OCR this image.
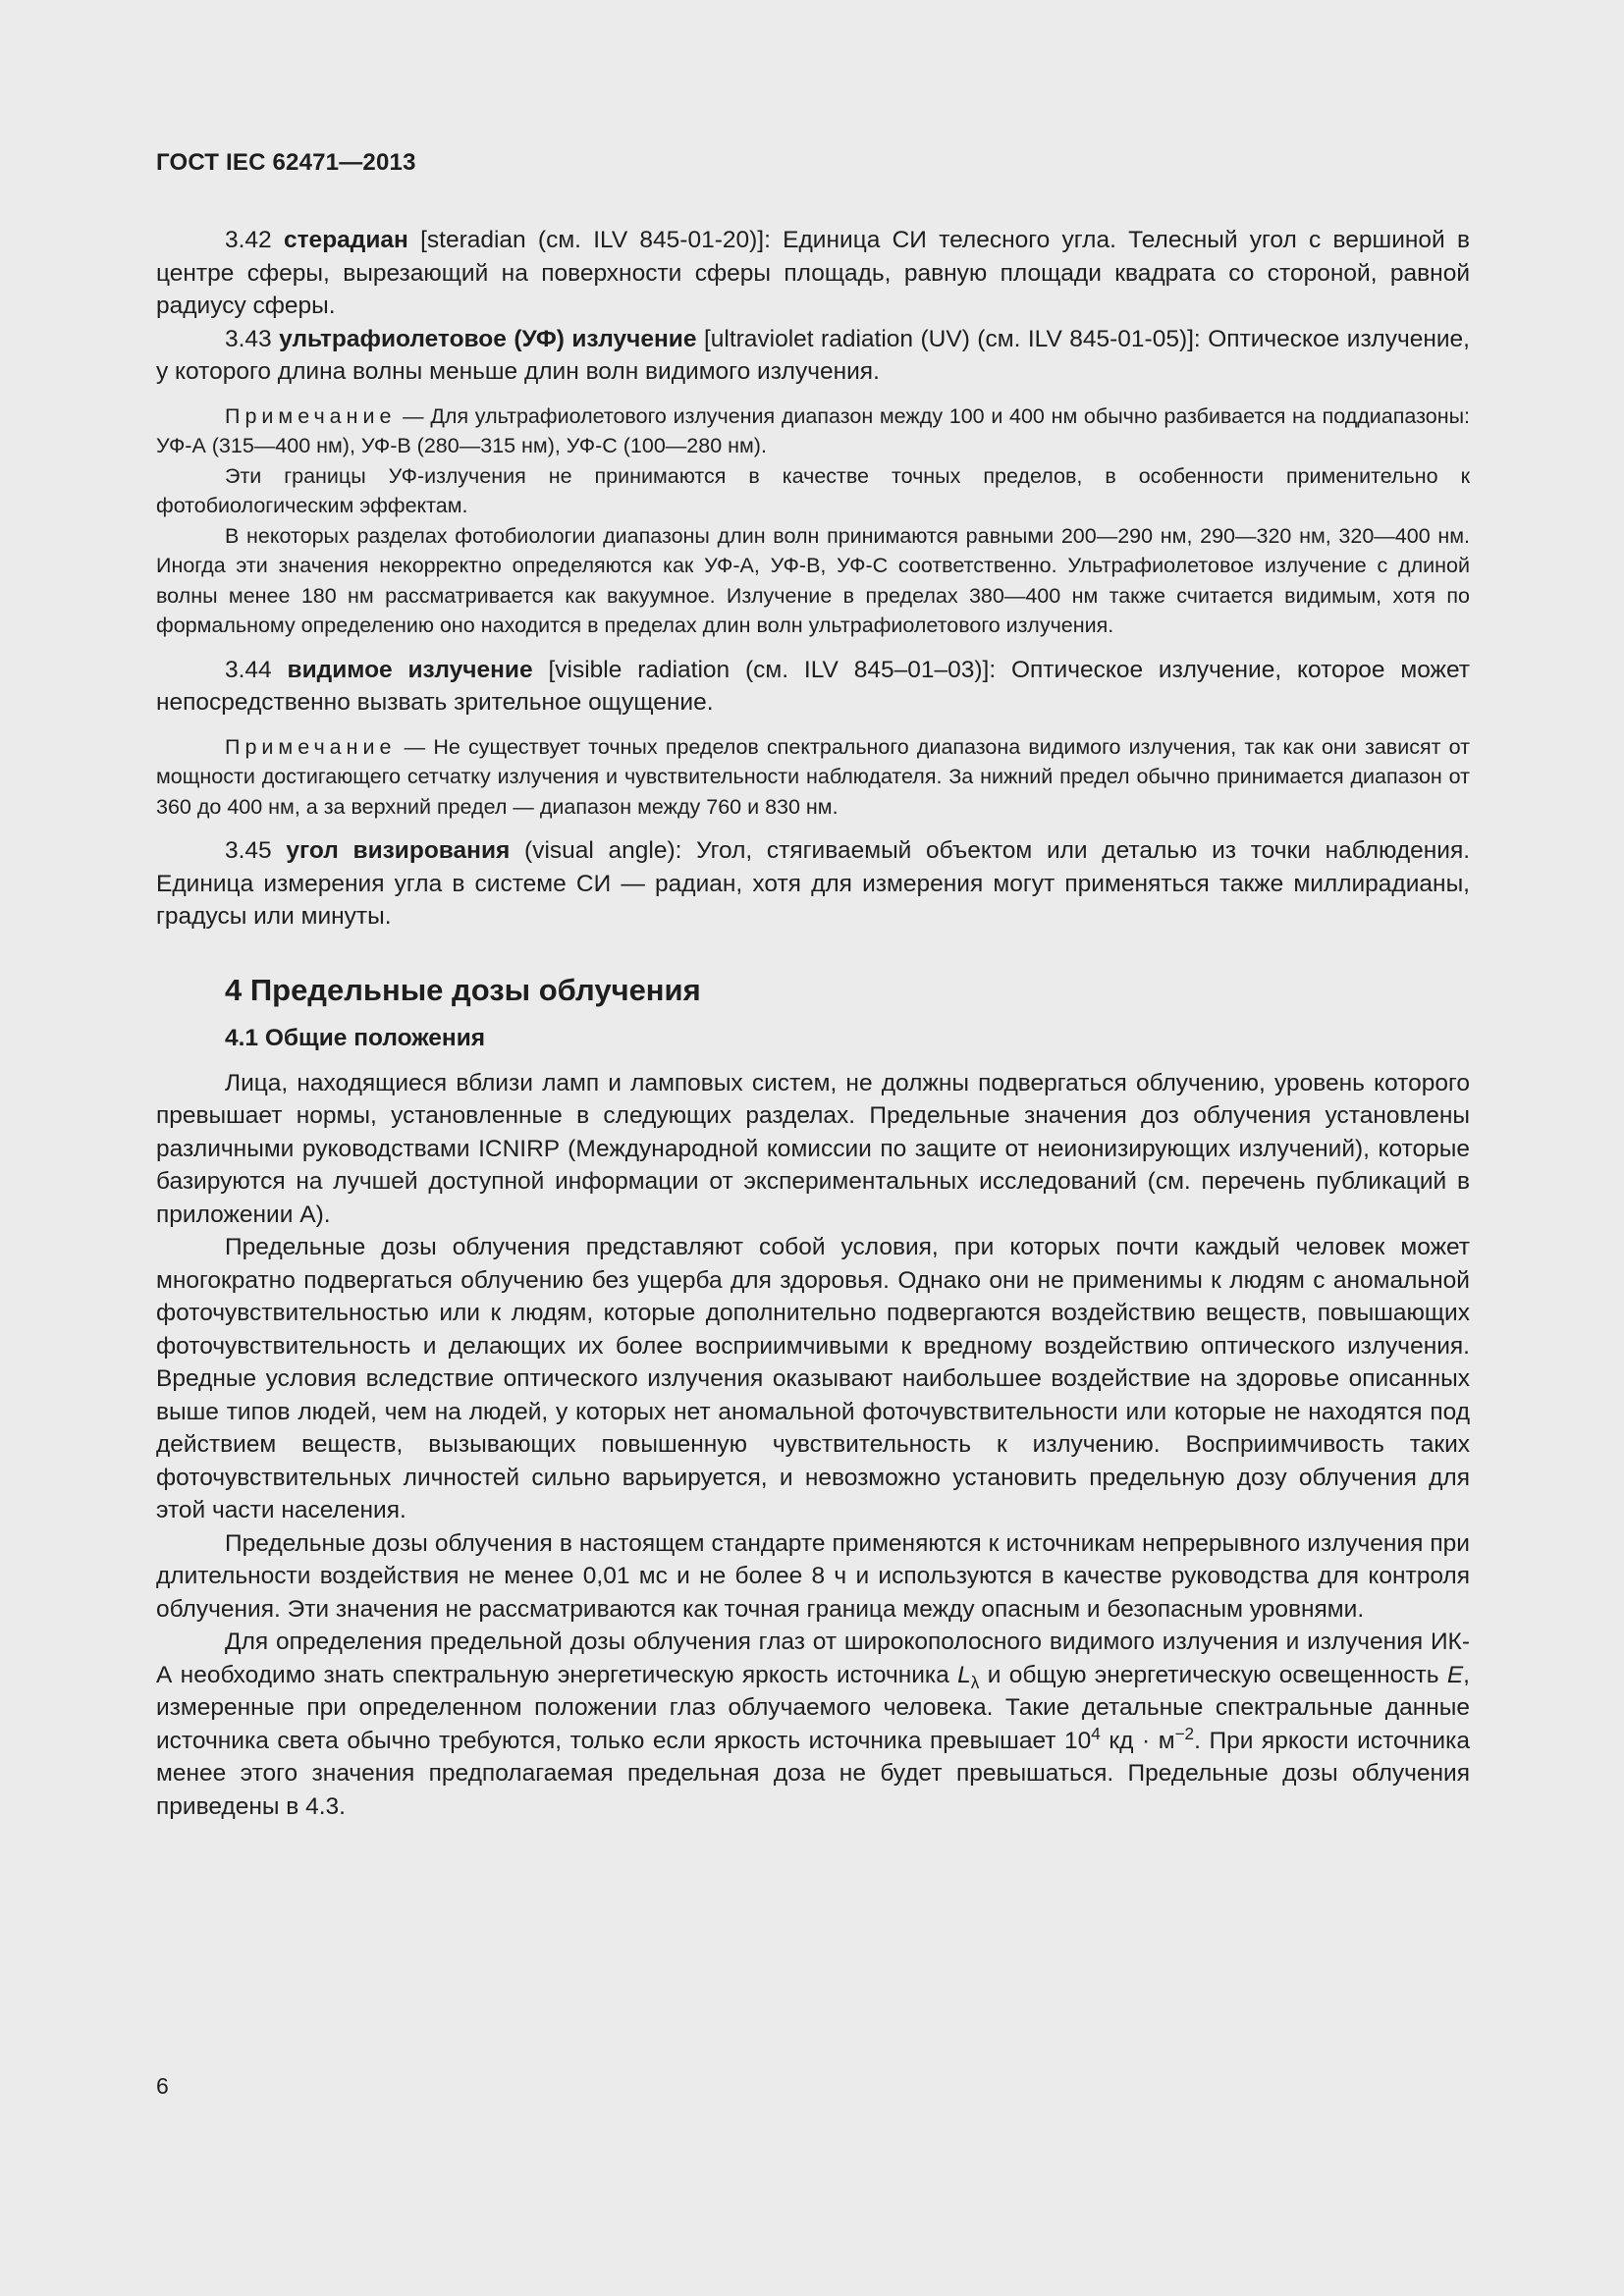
ГОСТ IEC 62471—2013

3.42 стерадиан [steradian (см. ILV 845-01-20)]: Единица СИ телесного угла. Телесный угол с вершиной в центре сферы, вырезающий на поверхности сферы площадь, равную площади квадрата со стороной, равной радиусу сферы.

3.43 ультрафиолетовое (УФ) излучение [ultraviolet radiation (UV) (см. ILV 845-01-05)]: Оптическое излучение, у которого длина волны меньше длин волн видимого излучения.

Примечание — Для ультрафиолетового излучения диапазон между 100 и 400 нм обычно разбивается на поддиапазоны: УФ-А (315—400 нм), УФ-В (280—315 нм), УФ-С (100—280 нм).

Эти границы УФ-излучения не принимаются в качестве точных пределов, в особенности применительно к фотобиологическим эффектам.

В некоторых разделах фотобиологии диапазоны длин волн принимаются равными 200—290 нм, 290—320 нм, 320—400 нм. Иногда эти значения некорректно определяются как УФ-А, УФ-В, УФ-С соответственно. Ультрафиолетовое излучение с длиной волны менее 180 нм рассматривается как вакуумное. Излучение в пределах 380—400 нм также считается видимым, хотя по формальному определению оно находится в пределах длин волн ультрафиолетового излучения.

3.44 видимое излучение [visible radiation (см. ILV 845–01–03)]: Оптическое излучение, которое может непосредственно вызвать зрительное ощущение.

Примечание — Не существует точных пределов спектрального диапазона видимого излучения, так как они зависят от мощности достигающего сетчатку излучения и чувствительности наблюдателя. За нижний предел обычно принимается диапазон от 360 до 400 нм, а за верхний предел — диапазон между 760 и 830 нм.

3.45 угол визирования (visual angle): Угол, стягиваемый объектом или деталью из точки наблюдения. Единица измерения угла в системе СИ — радиан, хотя для измерения могут применяться также миллирадианы, градусы или минуты.

4 Предельные дозы облучения
4.1 Общие положения

Лица, находящиеся вблизи ламп и ламповых систем, не должны подвергаться облучению, уровень которого превышает нормы, установленные в следующих разделах. Предельные значения доз облучения установлены различными руководствами ICNIRP (Международной комиссии по защите от неионизирующих излучений), которые базируются на лучшей доступной информации от экспериментальных исследований (см. перечень публикаций в приложении А).

Предельные дозы облучения представляют собой условия, при которых почти каждый человек может многократно подвергаться облучению без ущерба для здоровья. Однако они не применимы к людям с аномальной фоточувствительностью или к людям, которые дополнительно подвергаются воздействию веществ, повышающих фоточувствительность и делающих их более восприимчивыми к вредному воздействию оптического излучения. Вредные условия вследствие оптического излучения оказывают наибольшее воздействие на здоровье описанных выше типов людей, чем на людей, у которых нет аномальной фоточувствительности или которые не находятся под действием веществ, вызывающих повышенную чувствительность к излучению. Восприимчивость таких фоточувствительных личностей сильно варьируется, и невозможно установить предельную дозу облучения для этой части населения.

Предельные дозы облучения в настоящем стандарте применяются к источникам непрерывного излучения при длительности воздействия не менее 0,01 мс и не более 8 ч и используются в качестве руководства для контроля облучения. Эти значения не рассматриваются как точная граница между опасным и безопасным уровнями.

Для определения предельной дозы облучения глаз от широкополосного видимого излучения и излучения ИК-А необходимо знать спектральную энергетическую яркость источника $L_\lambda$ и общую энергетическую освещенность E, измеренные при определенном положении глаз облучаемого человека. Такие детальные спектральные данные источника света обычно требуются, только если яркость источника превышает $10^4$ кд · $м^{-2}$. При яркости источника менее этого значения предполагаемая предельная доза не будет превышаться. Предельные дозы облучения приведены в 4.3.

6
